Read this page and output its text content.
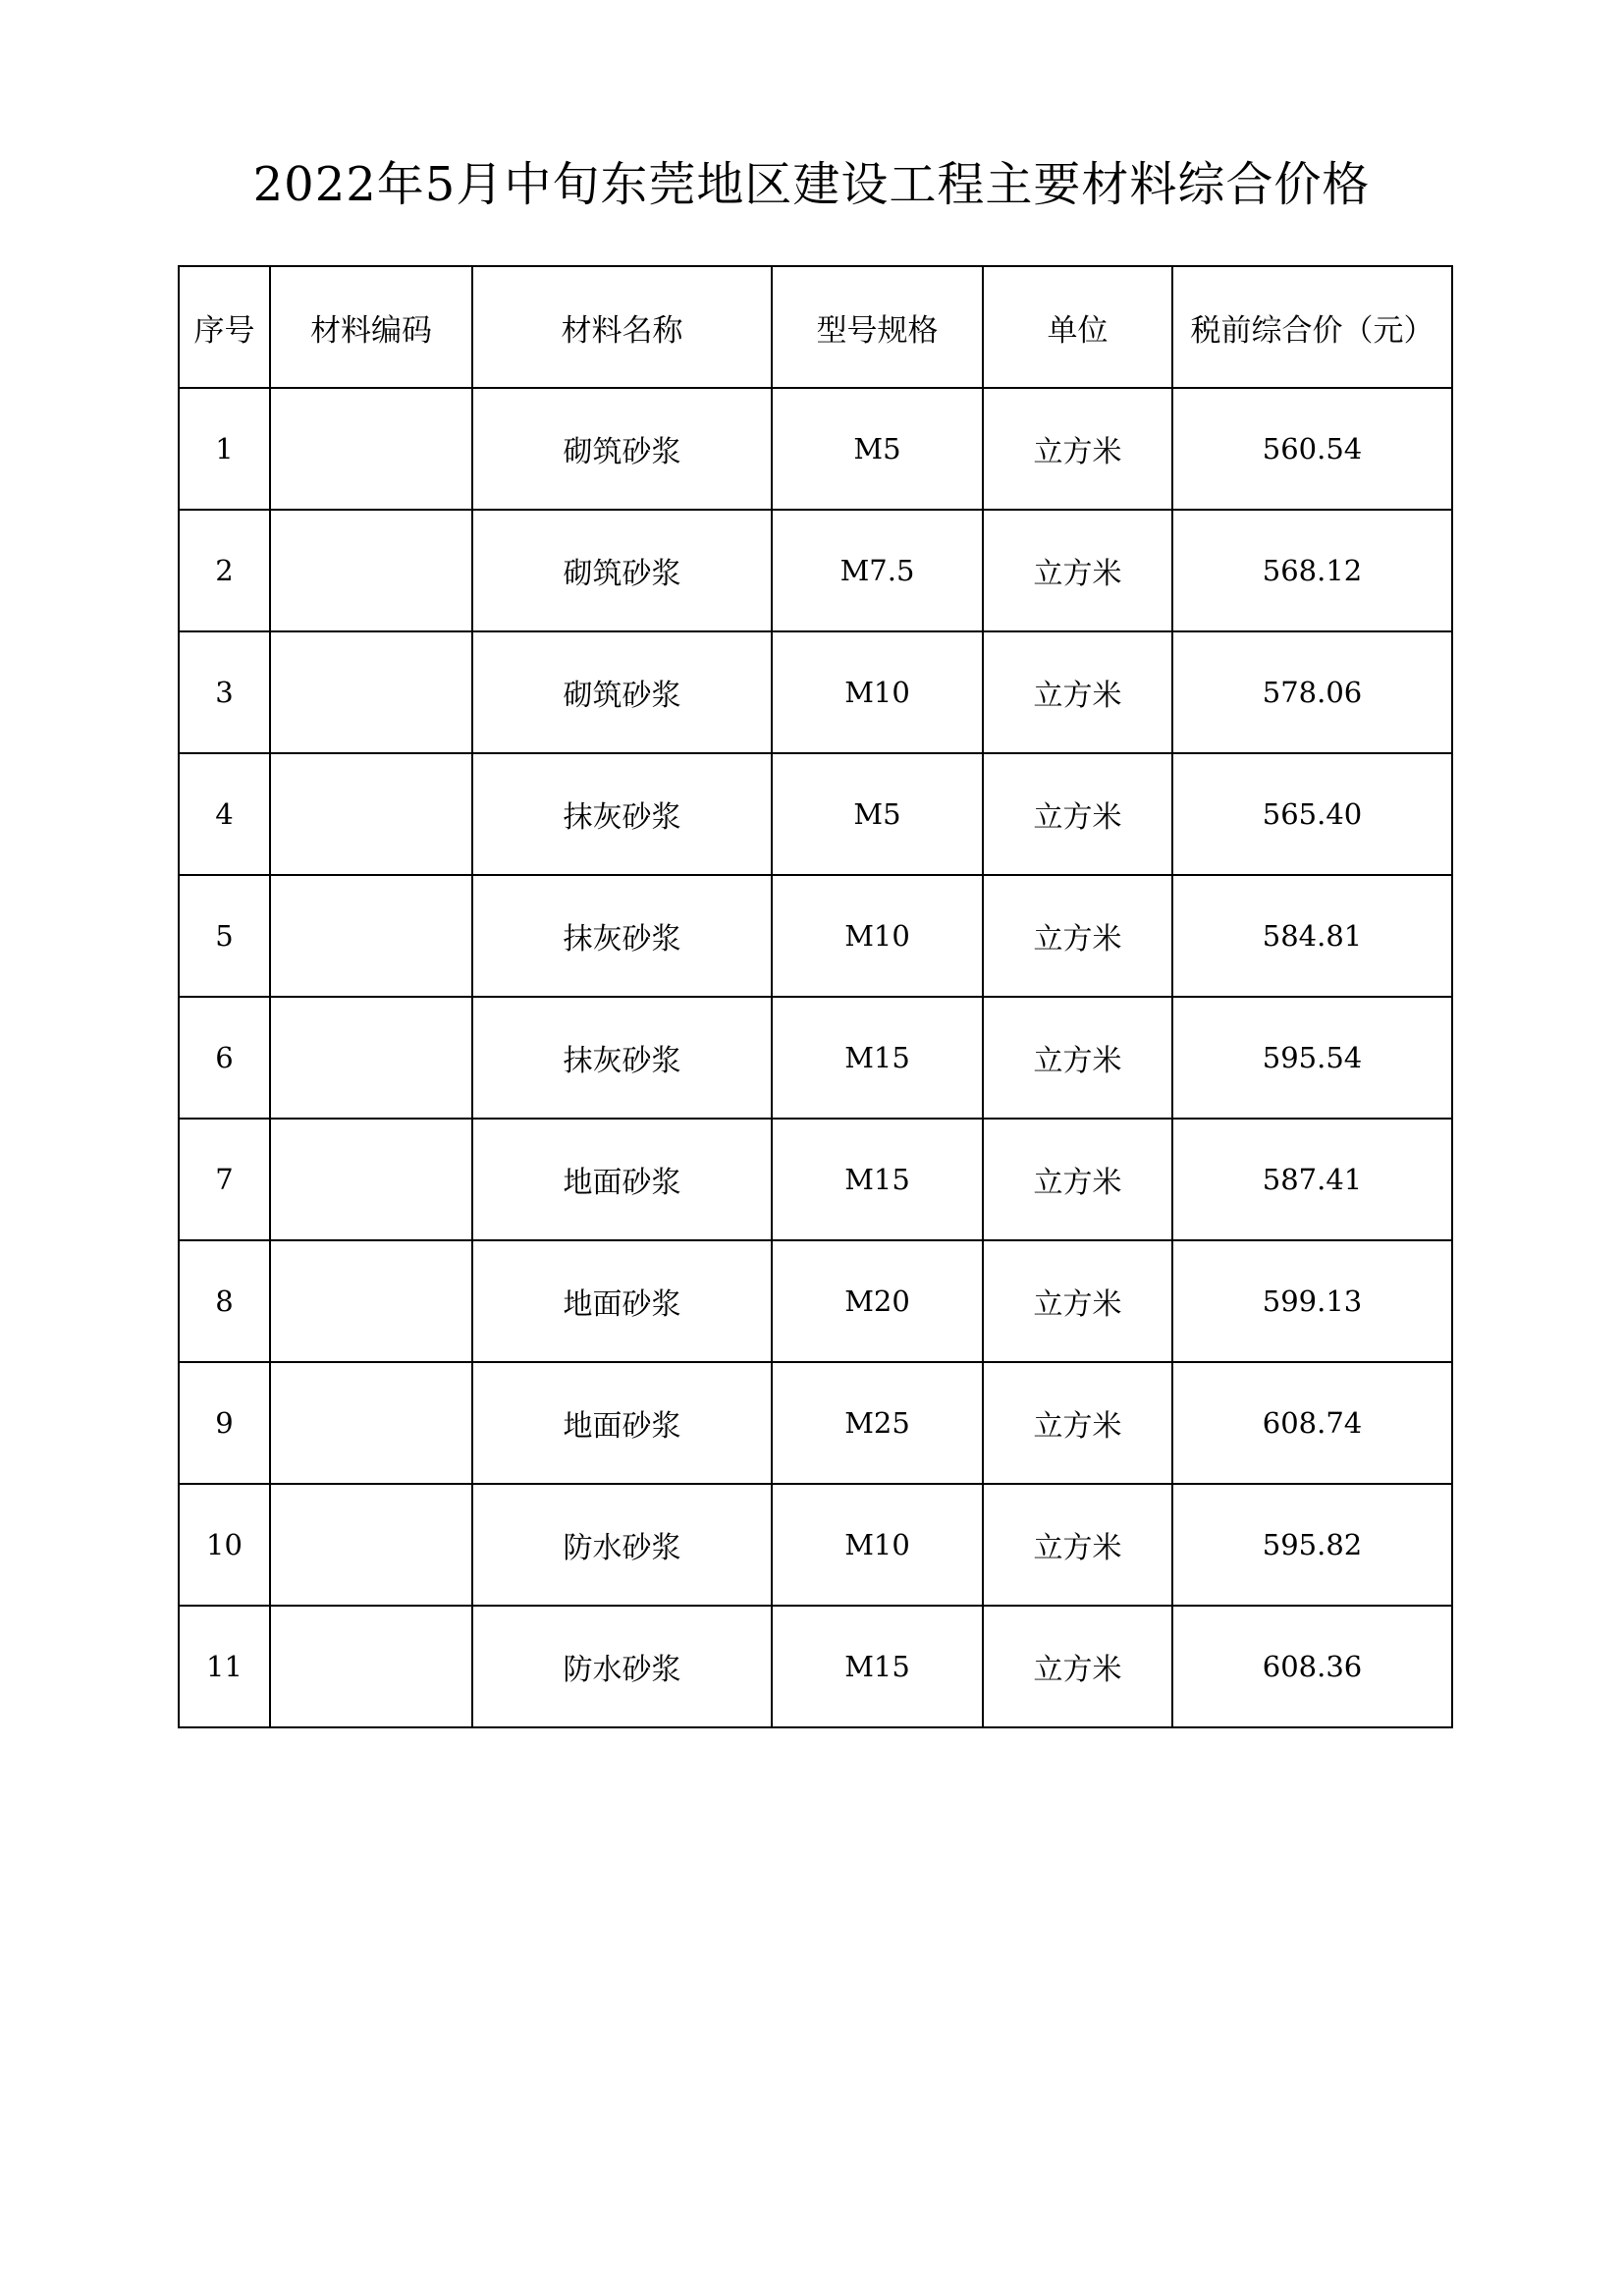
2022年5月中旬东莞地区建设工程主要材料综合价格
序号	材料编码	材料名称	型号规格	单位	税前综合价（元）
1		砌筑砂浆	M5	立方米	560.54
2		砌筑砂浆	M7.5	立方米	568.12
3		砌筑砂浆	M10	立方米	578.06
4		抹灰砂浆	M5	立方米	565.40
5		抹灰砂浆	M10	立方米	584.81
6		抹灰砂浆	M15	立方米	595.54
7		地面砂浆	M15	立方米	587.41
8		地面砂浆	M20	立方米	599.13
9		地面砂浆	M25	立方米	608.74
10		防水砂浆	M10	立方米	595.82
11		防水砂浆	M15	立方米	608.36
